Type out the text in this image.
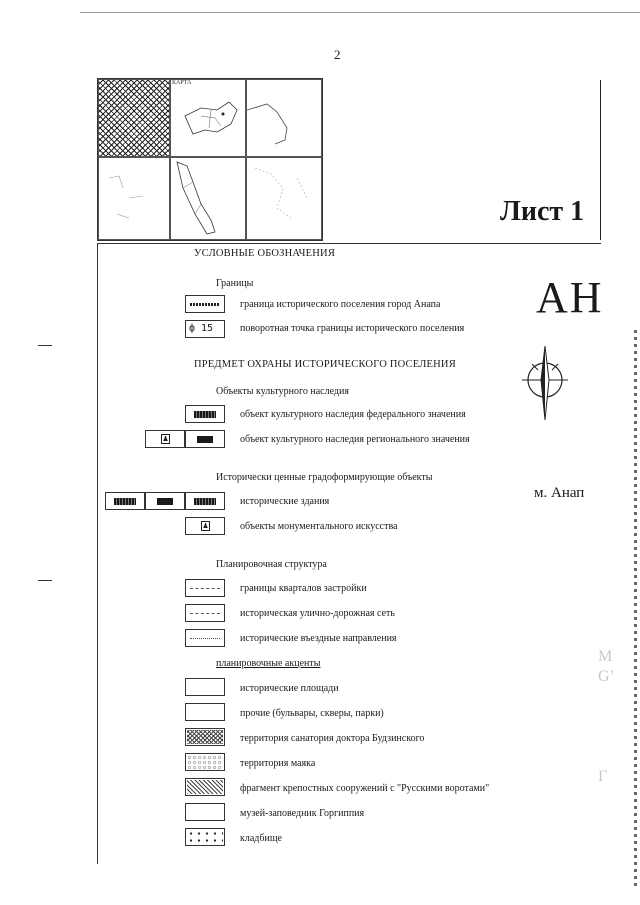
2
КАРТА
Лист 1
АН
м. Анап
М
Gʼ
Г
УСЛОВНЫЕ ОБОЗНАЧЕНИЯ
Границы
граница исторического поселения город Анапа
ф 15	поворотная точка границы исторического поселения
ПРЕДМЕТ ОХРАНЫ ИСТОРИЧЕСКОГО ПОСЕЛЕНИЯ
Объекты культурного наследия
объект культурного наследия федерального значения
♟	объект культурного наследия регионального значения
Исторически ценные градоформирующие объекты
исторические здания
♟	объекты монументального искусства
Планировочная структура
границы кварталов застройки
историческая улично-дорожная сеть
исторические въездные направления
планировочные акценты
исторические площади
прочие (бульвары, скверы, парки)
территория санатория доктора Будзинского
территория маяка
фрагмент крепостных сооружений с "Русскими воротами"
музей-заповедник Горгиппия
кладбище
